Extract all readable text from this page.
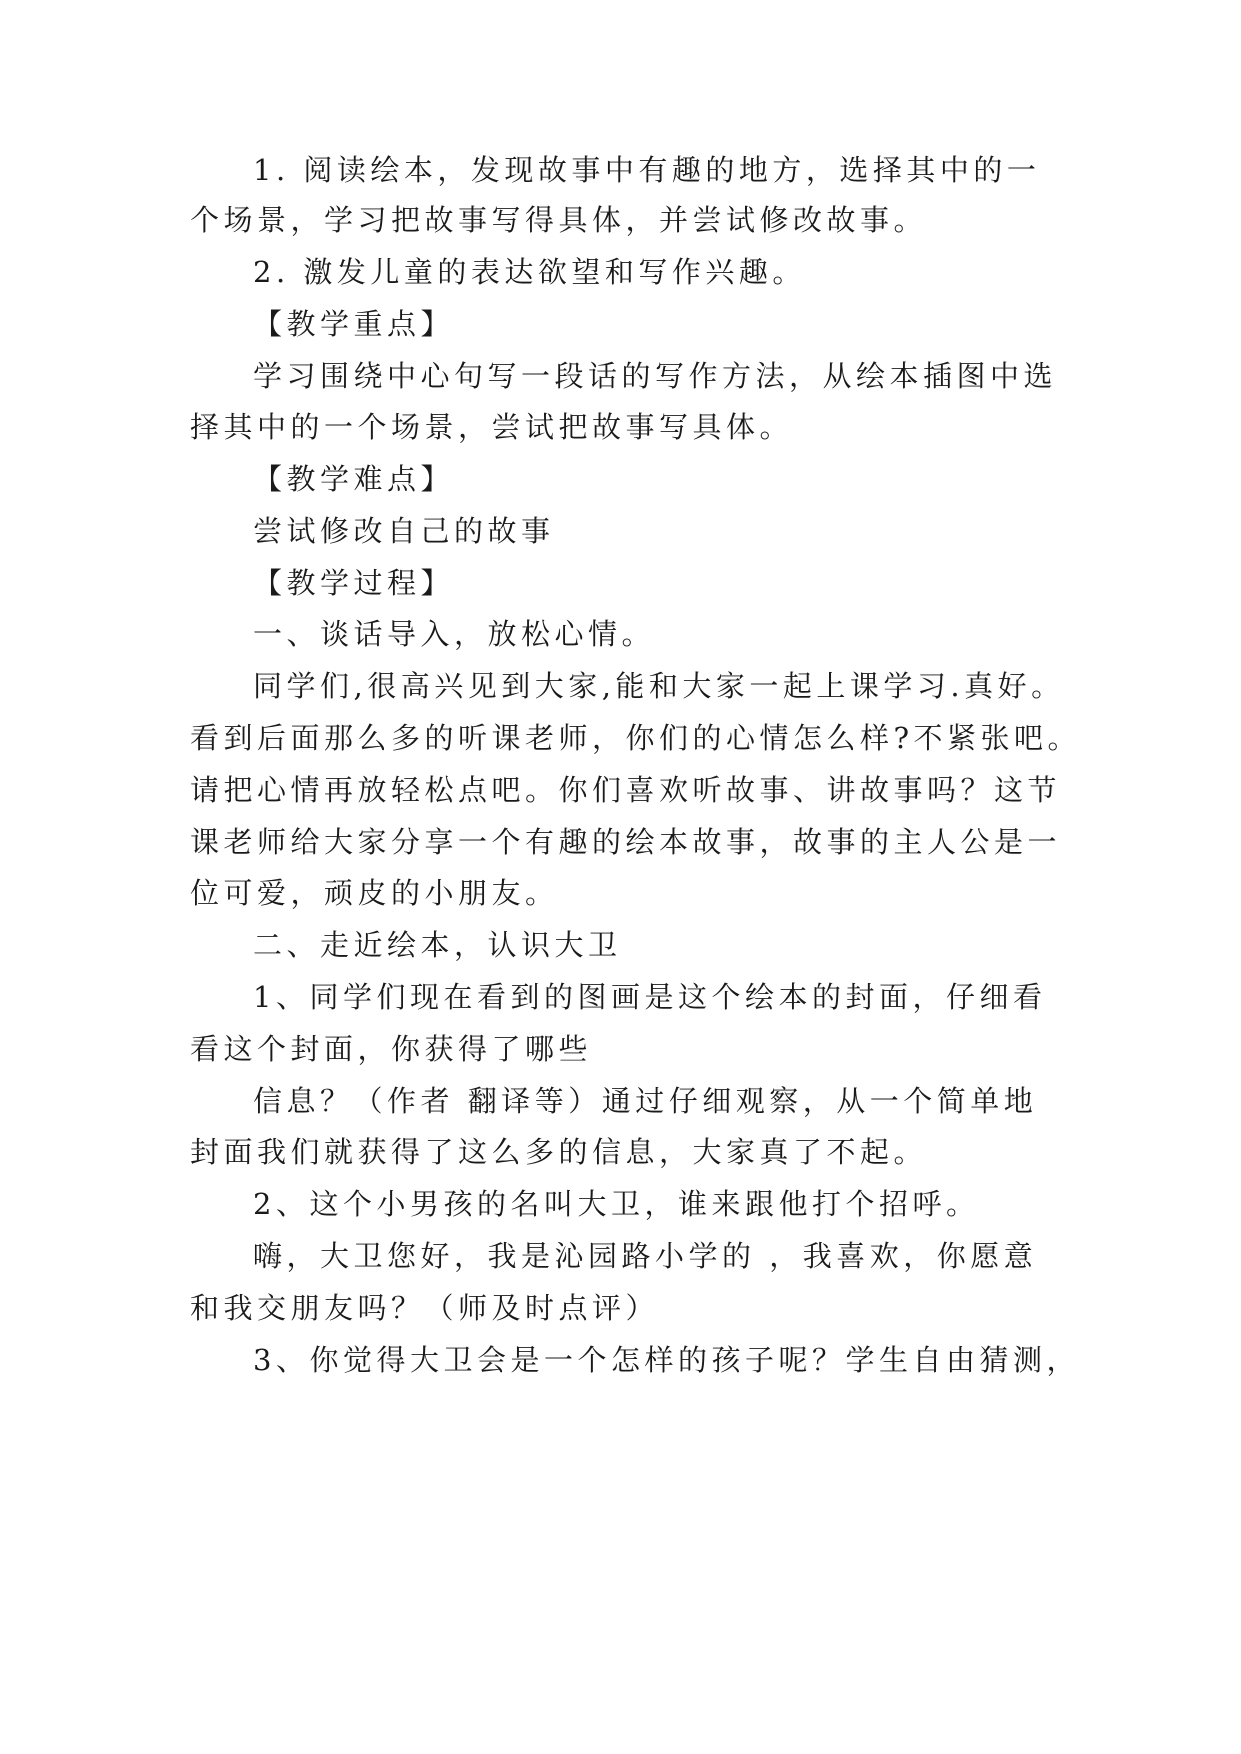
1. 阅读绘本，发现故事中有趣的地方，选择其中的一

个场景，学习把故事写得具体，并尝试修改故事。

2. 激发儿童的表达欲望和写作兴趣。

【教学重点】

学习围绕中心句写一段话的写作方法，从绘本插图中选

择其中的一个场景，尝试把故事写具体。

【教学难点】

尝试修改自己的故事

【教学过程】

一、谈话导入，放松心情。

同学们,很高兴见到大家,能和大家一起上课学习.真好。

看到后面那么多的听课老师，你们的心情怎么样?不紧张吧。

请把心情再放轻松点吧。你们喜欢听故事、讲故事吗？这节

课老师给大家分享一个有趣的绘本故事，故事的主人公是一

位可爱，顽皮的小朋友。

二、走近绘本，认识大卫

1、同学们现在看到的图画是这个绘本的封面，仔细看

看这个封面，你获得了哪些

信息？（作者 翻译等）通过仔细观察，从一个简单地

封面我们就获得了这么多的信息，大家真了不起。

2、这个小男孩的名叫大卫，谁来跟他打个招呼。

嗨，大卫您好，我是沁园路小学的 ，我喜欢，你愿意

和我交朋友吗？（师及时点评）

3、你觉得大卫会是一个怎样的孩子呢？学生自由猜测，
